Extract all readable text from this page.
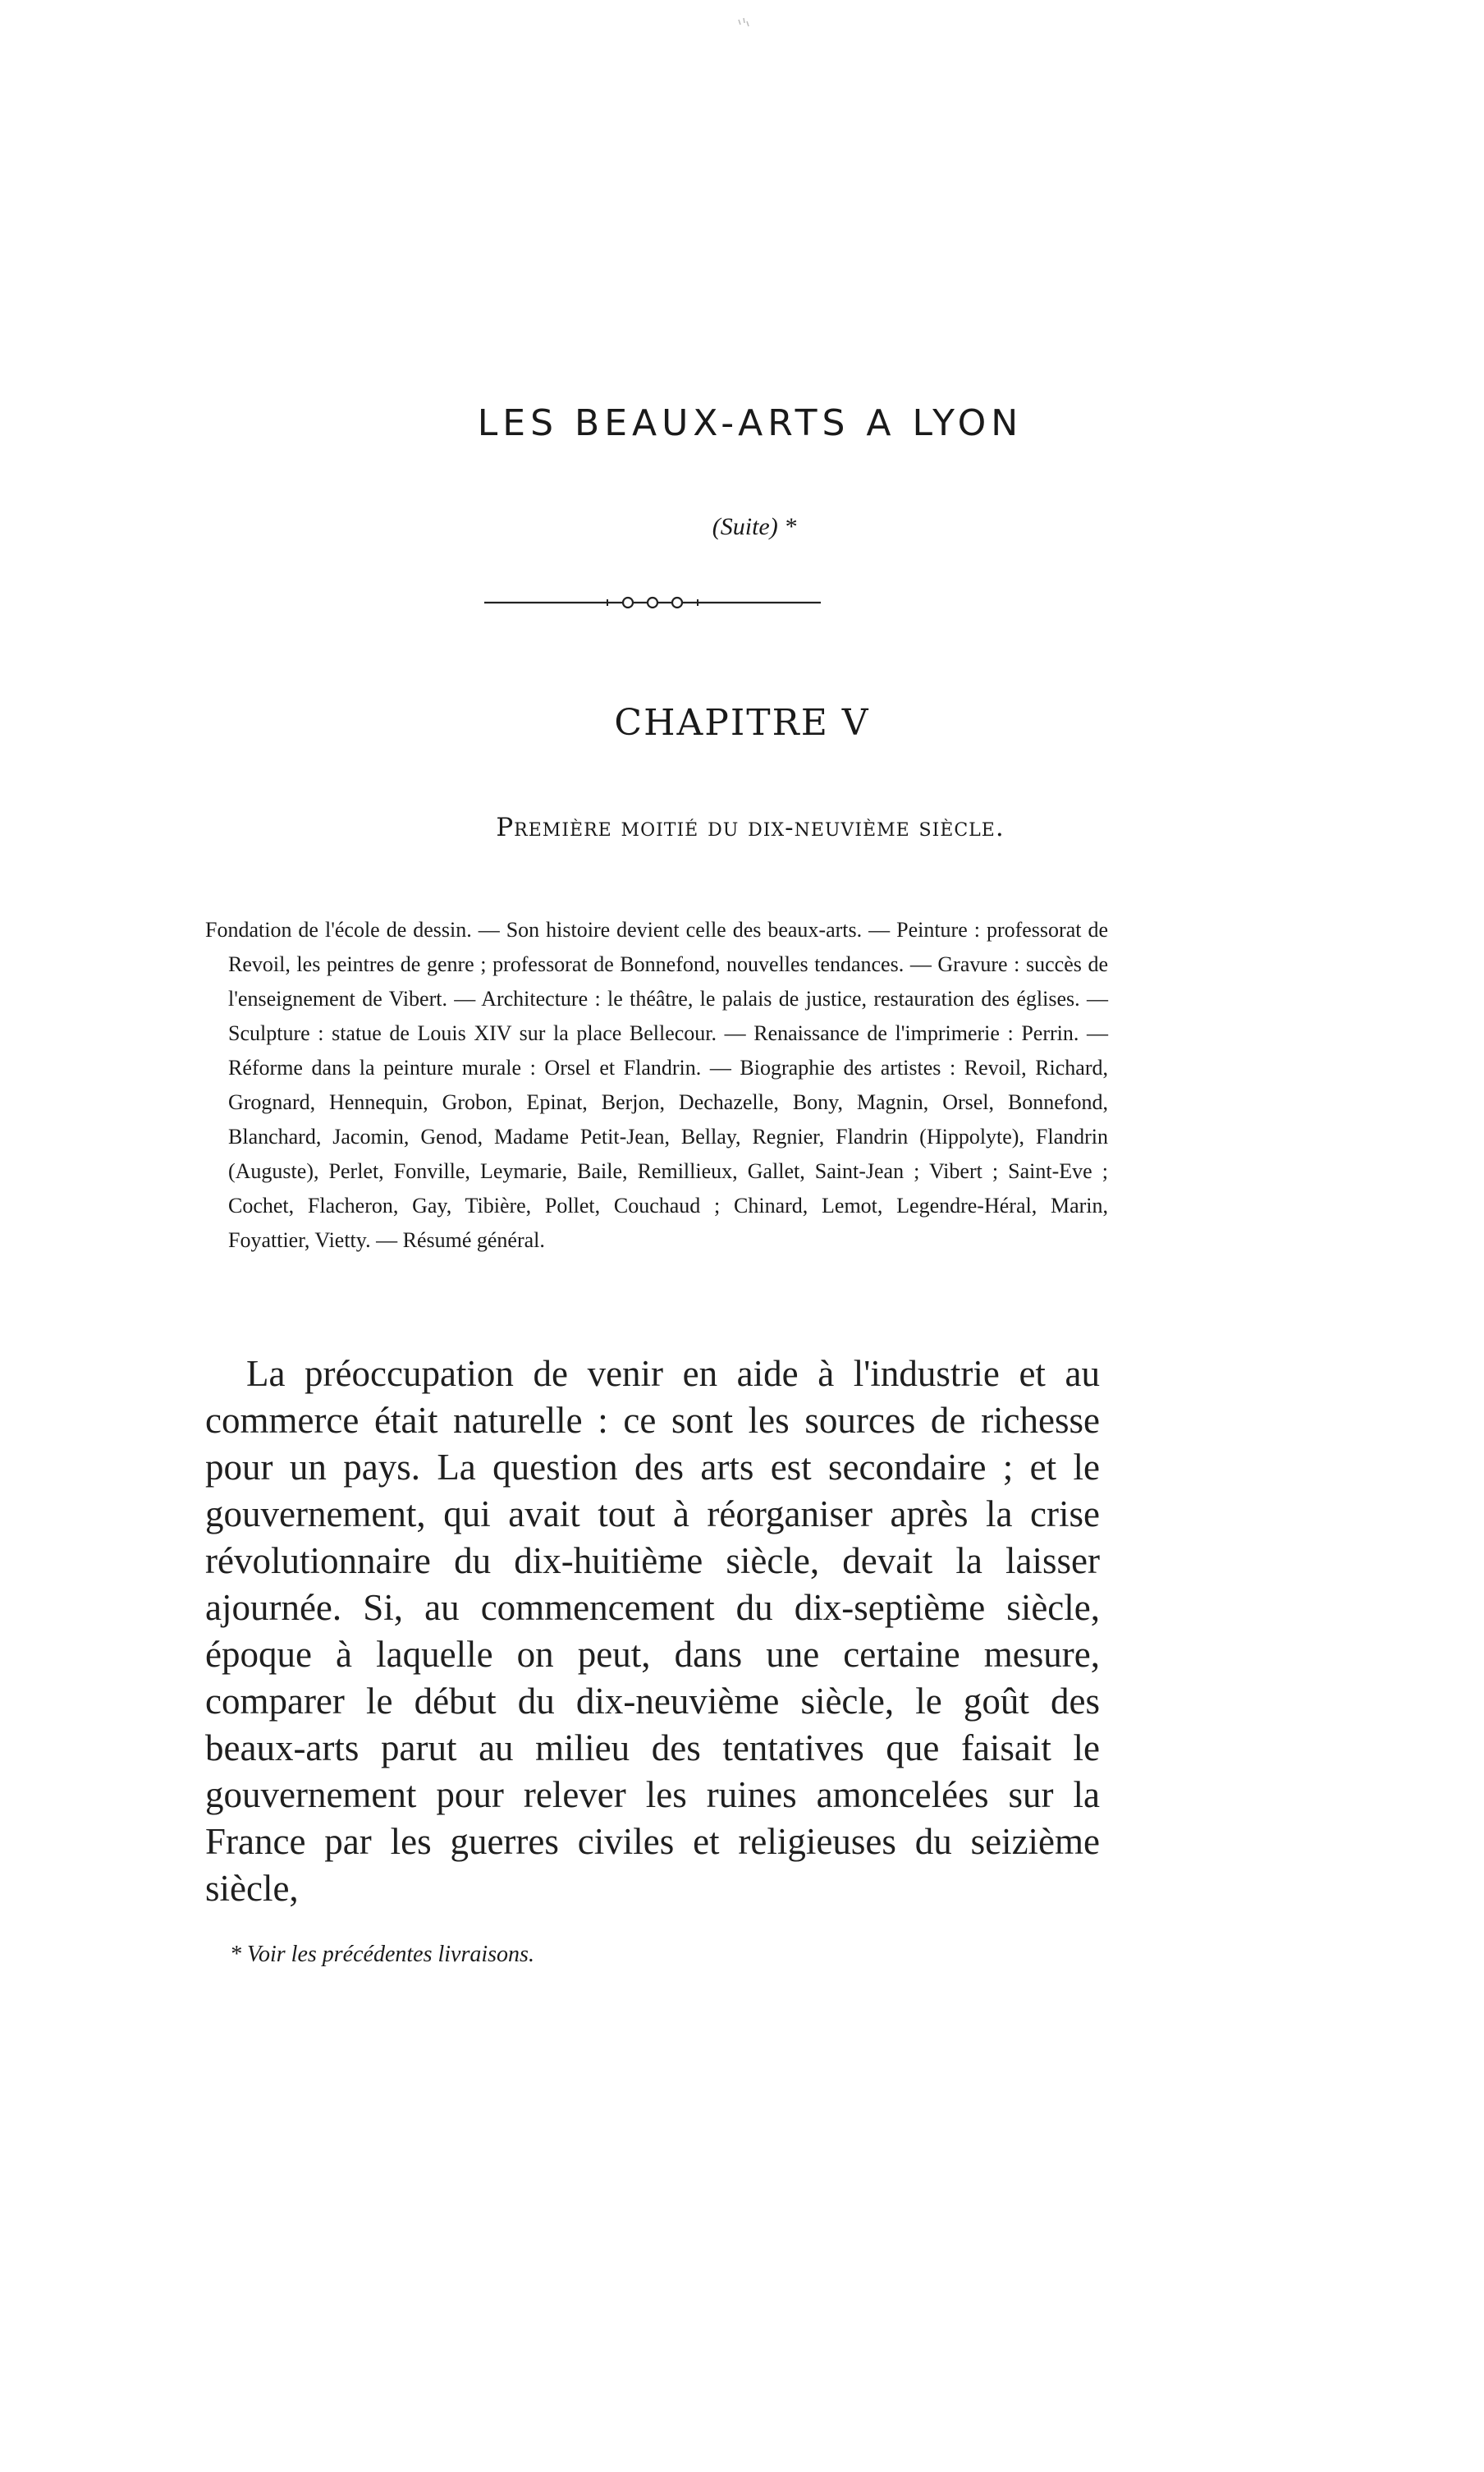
LES BEAUX-ARTS A LYON
(Suite) *
CHAPITRE V
Première moitié du dix-neuvième siècle.

Fondation de l'école de dessin. — Son histoire devient celle des beaux-arts. — Peinture : professorat de Revoil, les peintres de genre ; professorat de Bonnefond, nouvelles tendances. — Gravure : succès de l'enseignement de Vibert. — Architecture : le théâtre, le palais de justice, restauration des églises. — Sculpture : statue de Louis XIV sur la place Bellecour. — Renaissance de l'imprimerie : Perrin. — Réforme dans la peinture murale : Orsel et Flandrin. — Biographie des artistes : Revoil, Richard, Grognard, Hennequin, Grobon, Epinat, Berjon, Dechazelle, Bony, Magnin, Orsel, Bonnefond, Blanchard, Jacomin, Genod, Madame Petit-Jean, Bellay, Regnier, Flandrin (Hippolyte), Flandrin (Auguste), Perlet, Fonville, Leymarie, Baile, Remillieux, Gallet, Saint-Jean ; Vibert ; Saint-Eve ; Cochet, Flacheron, Gay, Tibière, Pollet, Couchaud ; Chinard, Lemot, Legendre-Héral, Marin, Foyattier, Vietty. — Résumé général.

La préoccupation de venir en aide à l'industrie et au commerce était naturelle : ce sont les sources de richesse pour un pays. La question des arts est secondaire ; et le gouvernement, qui avait tout à réorganiser après la crise révolutionnaire du dix-huitième siècle, devait la laisser ajournée. Si, au commencement du dix-septième siècle, époque à laquelle on peut, dans une certaine mesure, comparer le début du dix-neuvième siècle, le goût des beaux-arts parut au milieu des tentatives que faisait le gouvernement pour relever les ruines amoncelées sur la France par les guerres civiles et religieuses du seizième siècle,

* Voir les précédentes livraisons.
